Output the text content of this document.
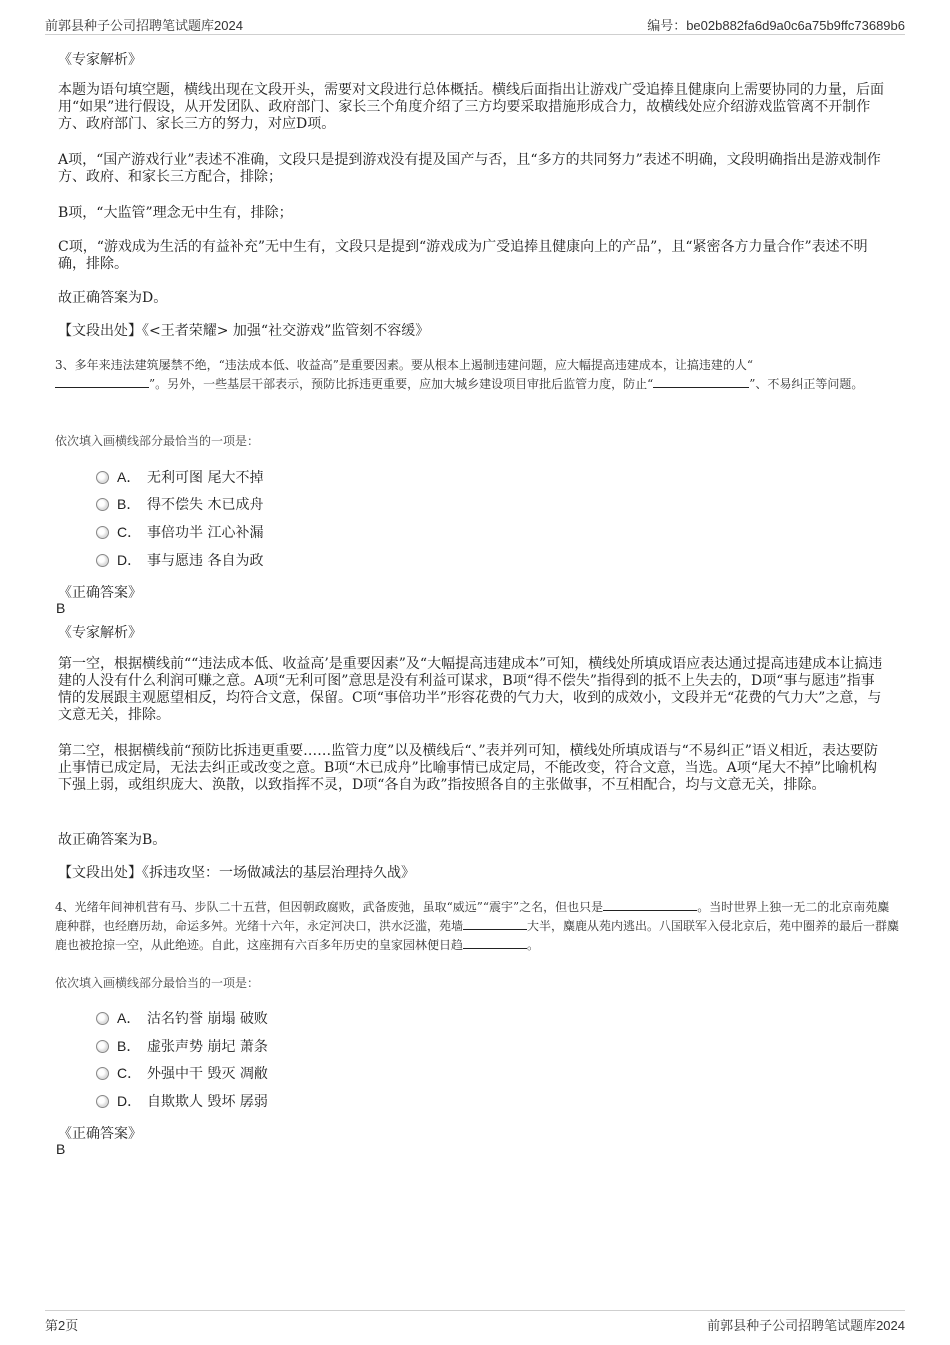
前郭县种子公司招聘笔试题库2024	编号：be02b882fa6d9a0c6a75b9ffc73689b6
《专家解析》
本题为语句填空题，横线出现在文段开头，需要对文段进行总体概括。横线后面指出让游戏广受追捧且健康向上需要协同的力量，后面用“如果”进行假设，从开发团队、政府部门、家长三个角度介绍了三方均要采取措施形成合力，故横线处应介绍游戏监管离不开制作方、政府部门、家长三方的努力，对应D项。
A项，“国产游戏行业”表述不准确，文段只是提到游戏没有提及国产与否，且“多方的共同努力”表述不明确，文段明确指出是游戏制作方、政府、和家长三方配合，排除；
B项，“大监管”理念无中生有，排除；
C项，“游戏成为生活的有益补充”无中生有，文段只是提到“游戏成为广受追捧且健康向上的产品”，且“紧密各方力量合作”表述不明确，排除。
故正确答案为D。
【文段出处】《<王者荣耀> 加强“社交游戏”监管刻不容缓》
3、多年来违法建筑屡禁不绝，“违法成本低、收益高”是重要因素。要从根本上遏制违建问题，应大幅提高违建成本，让搞违建的人“
”。另外，一些基层干部表示，预防比拆违更重要，应加大城乡建设项目审批后监管力度，防止“	”、不易纠正等问题。
依次填入画横线部分最恰当的一项是：
A． 无利可图 尾大不掉
B． 得不偿失 木已成舟
C． 事倍功半 江心补漏
D． 事与愿违 各自为政
《正确答案》
B
《专家解析》
第一空，根据横线前““违法成本低、收益高’是重要因素”及“大幅提高违建成本”可知，横线处所填成语应表达通过提高违建成本让搞违建的人没有什么利润可赚之意。A项“无利可图”意思是没有利益可谋求，B项“得不偿失”指得到的抵不上失去的，D项“事与愿违”指事情的发展跟主观愿望相反，均符合文意，保留。C项“事倍功半”形容花费的气力大，收到的成效小，文段并无“花费的气力大”之意，与文意无关，排除。
第二空，根据横线前“预防比拆违更重要……监管力度”以及横线后“、”表并列可知，横线处所填成语与“不易纠正”语义相近，表达要防止事情已成定局，无法去纠正或改变之意。B项“木已成舟”比喻事情已成定局，不能改变，符合文意，当选。A项“尾大不掉”比喻机构下强上弱，或组织庞大、涣散，以致指挥不灵，D项“各自为政”指按照各自的主张做事，不互相配合，均与文意无关，排除。
故正确答案为B。
【文段出处】《拆违攻坚：一场做减法的基层治理持久战》
4、光绪年间神机营有马、步队二十五营，但因朝政腐败，武备废弛，虽取“威远”“震宇”之名，但也只是	。当时世界上独一无二的北京南苑麋鹿种群，也经磨历劫，命运多舛。光绪十六年，永定河决口，洪水泛滥，苑墙	大半，麋鹿从苑内逃出。八国联军入侵北京后，苑中圈养的最后一群麋鹿也被抢掠一空，从此绝迹。自此，这座拥有六百多年历史的皇家园林便日趋	。
依次填入画横线部分最恰当的一项是：
A． 沽名钓誉 崩塌 破败
B． 虚张声势 崩圮 萧条
C． 外强中干 毁灭 凋敝
D． 自欺欺人 毁坏 孱弱
《正确答案》
B
第2页	前郭县种子公司招聘笔试题库2024
